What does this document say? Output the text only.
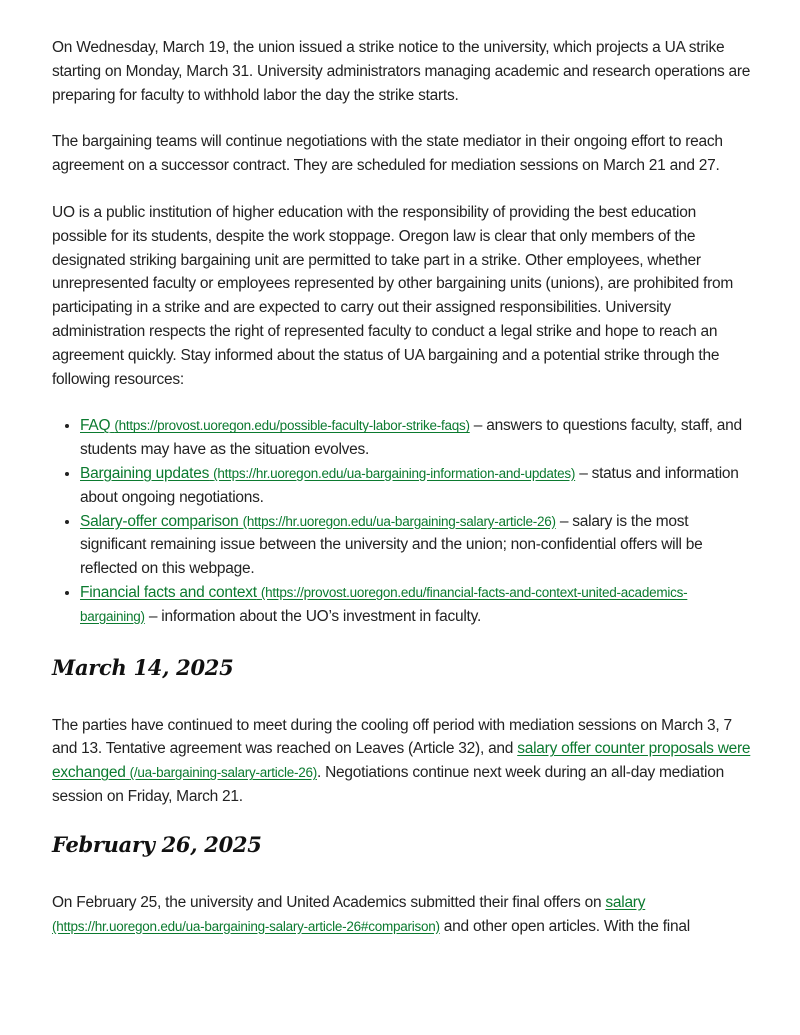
On Wednesday, March 19, the union issued a strike notice to the university, which projects a UA strike starting on Monday, March 31. University administrators managing academic and research operations are preparing for faculty to withhold labor the day the strike starts.

The bargaining teams will continue negotiations with the state mediator in their ongoing effort to reach agreement on a successor contract. They are scheduled for mediation sessions on March 21 and 27.

UO is a public institution of higher education with the responsibility of providing the best education possible for its students, despite the work stoppage. Oregon law is clear that only members of the designated striking bargaining unit are permitted to take part in a strike. Other employees, whether unrepresented faculty or employees represented by other bargaining units (unions), are prohibited from participating in a strike and are expected to carry out their assigned responsibilities. University administration respects the right of represented faculty to conduct a legal strike and hope to reach an agreement quickly. Stay informed about the status of UA bargaining and a potential strike through the following resources:

• FAQ (https://provost.uoregon.edu/possible-faculty-labor-strike-faqs) – answers to questions faculty, staff, and students may have as the situation evolves.
• Bargaining updates (https://hr.uoregon.edu/ua-bargaining-information-and-updates) – status and information about ongoing negotiations.
• Salary-offer comparison (https://hr.uoregon.edu/ua-bargaining-salary-article-26) – salary is the most significant remaining issue between the university and the union; non-confidential offers will be reflected on this webpage.
• Financial facts and context (https://provost.uoregon.edu/financial-facts-and-context-united-academics-bargaining) – information about the UO’s investment in faculty.
March 14, 2025

The parties have continued to meet during the cooling off period with mediation sessions on March 3, 7 and 13. Tentative agreement was reached on Leaves (Article 32), and salary offer counter proposals were exchanged (/ua-bargaining-salary-article-26). Negotiations continue next week during an all-day mediation session on Friday, March 21.

February 26, 2025

On February 25, the university and United Academics submitted their final offers on salary (https://hr.uoregon.edu/ua-bargaining-salary-article-26#comparison) and other open articles. With the final
